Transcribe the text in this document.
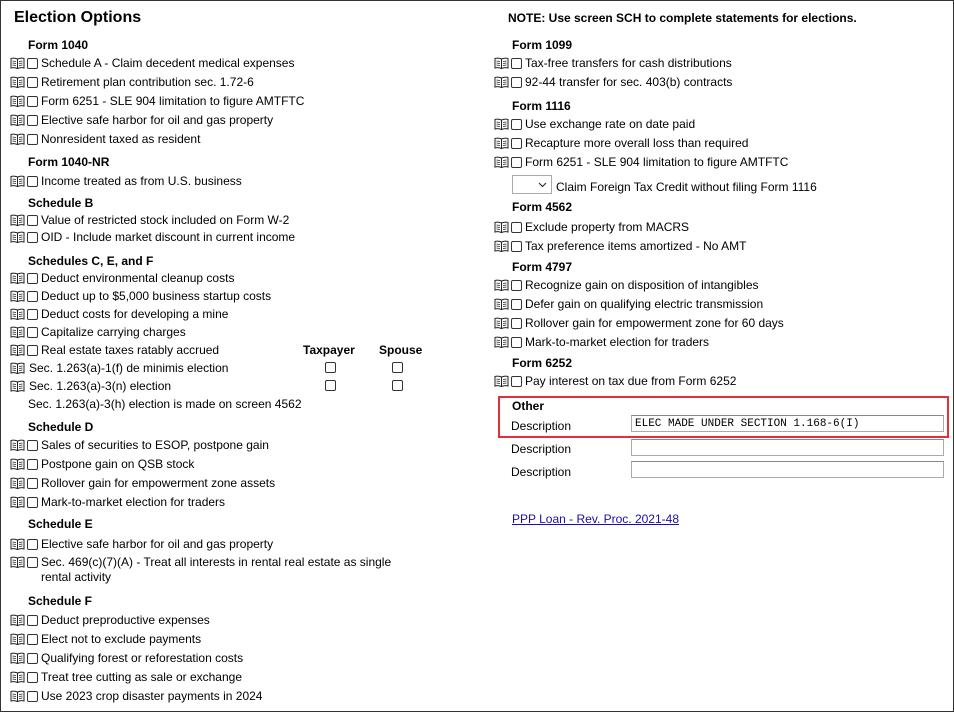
Election Options	NOTE: Use screen SCH to complete statements for elections.
Form 1040
Schedule A - Claim decedent medical expenses
Retirement plan contribution sec. 1.72-6
Form 6251 - SLE 904 limitation to figure AMTFTC
Elective safe harbor for oil and gas property
Nonresident taxed as resident
Form 1040-NR
Income treated as from U.S. business
Schedule B
Value of restricted stock included on Form W-2
OID - Include market discount in current income
Schedules C, E, and F
Deduct environmental cleanup costs
Deduct up to $5,000 business startup costs
Deduct costs for developing a mine
Capitalize carrying charges
Real estate taxes ratably accrued	Taxpayer Spouse
Sec. 1.263(a)-1(f) de minimis election
Sec. 1.263(a)-3(n) election
Sec. 1.263(a)-3(h) election is made on screen 4562
Schedule D
Sales of securities to ESOP, postpone gain
Postpone gain on QSB stock
Rollover gain for empowerment zone assets
Mark-to-market election for traders
Schedule E
Elective safe harbor for oil and gas property
Sec. 469(c)(7)(A) - Treat all interests in rental real estate as single rental activity
Schedule F
Deduct preproductive expenses
Elect not to exclude payments
Qualifying forest or reforestation costs
Treat tree cutting as sale or exchange
Use 2023 crop disaster payments in 2024
Form 1099
Tax-free transfers for cash distributions
92-44 transfer for sec. 403(b) contracts
Form 1116
Use exchange rate on date paid
Recapture more overall loss than required
Form 6251 - SLE 904 limitation to figure AMTFTC
Claim Foreign Tax Credit without filing Form 1116
Form 4562
Exclude property from MACRS
Tax preference items amortized - No AMT
Form 4797
Recognize gain on disposition of intangibles
Defer gain on qualifying electric transmission
Rollover gain for empowerment zone for 60 days
Mark-to-market election for traders
Form 6252
Pay interest on tax due from Form 6252
Other
Description	ELEC MADE UNDER SECTION 1.168-6(I)
Description
Description
PPP Loan - Rev. Proc. 2021-48
